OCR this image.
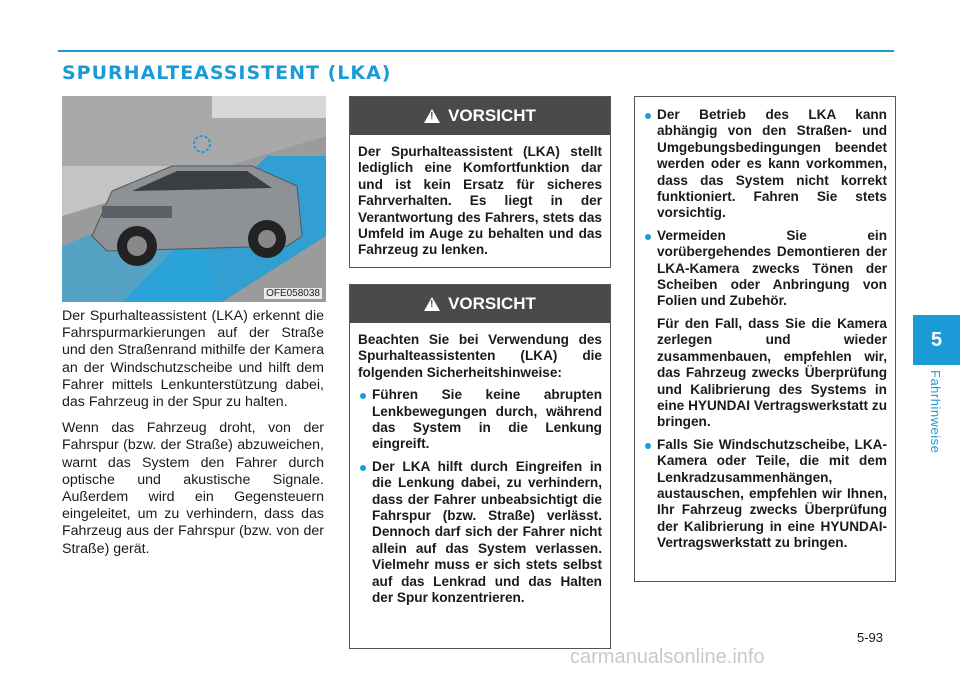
SPURHALTEASSISTENT (LKA)
OFE058038

Der Spurhalteassistent (LKA) erkennt die Fahrspurmarkierungen auf der Straße und den Straßenrand mithilfe der Kamera an der Windschutzscheibe und hilft dem Fahrer mittels Lenkunterstützung dabei, das Fahrzeug in der Spur zu halten.

Wenn das Fahrzeug droht, von der Fahrspur (bzw. der Straße) abzuweichen, warnt das System den Fahrer durch optische und akustische Signale. Außerdem wird ein Gegensteuern eingeleitet, um zu verhindern, dass das Fahrzeug aus der Fahrspur (bzw. von der Straße) gerät.

!
VORSICHT

Der Spurhalteassistent (LKA) stellt lediglich eine Komfortfunktion dar und ist kein Ersatz für sicheres Fahrverhalten. Es liegt in der Verantwortung des Fahrers, stets das Umfeld im Auge zu behalten und das Fahrzeug zu lenken.

!
VORSICHT

Beachten Sie bei Verwendung des Spurhalteassistenten (LKA) die folgenden Sicherheitshinweise:

Führen Sie keine abrupten Lenkbewegungen durch, während das System in die Lenkung eingreift.
Der LKA hilft durch Eingreifen in die Lenkung dabei, zu verhindern, dass der Fahrer unbeabsichtigt die Fahrspur (bzw. Straße) verlässt. Dennoch darf sich der Fahrer nicht allein auf das System verlassen. Vielmehr muss er sich stets selbst auf das Lenkrad und das Halten der Spur konzentrieren.
Der Betrieb des LKA kann abhängig von den Straßen- und Umgebungsbedingungen beendet werden oder es kann vorkommen, dass das System nicht korrekt funktioniert. Fahren Sie stets vorsichtig.
Vermeiden Sie ein vorübergehendes Demontieren der LKA-Kamera zwecks Tönen der Scheiben oder Anbringung von Folien und Zubehör.

Für den Fall, dass Sie die Kamera zerlegen und wieder zusammenbauen, empfehlen wir, das Fahrzeug zwecks Überprüfung und Kalibrierung des Systems in eine HYUNDAI Vertragswerkstatt zu bringen.

Falls Sie Windschutzscheibe, LKA-Kamera oder Teile, die mit dem Lenkradzusammenhängen, austauschen, empfehlen wir Ihnen, Ihr Fahrzeug zwecks Überprüfung der Kalibrierung in eine HYUNDAI-Vertragswerkstatt zu bringen.
5
Fahrhinweise
5-93
carmanualsonline.info
